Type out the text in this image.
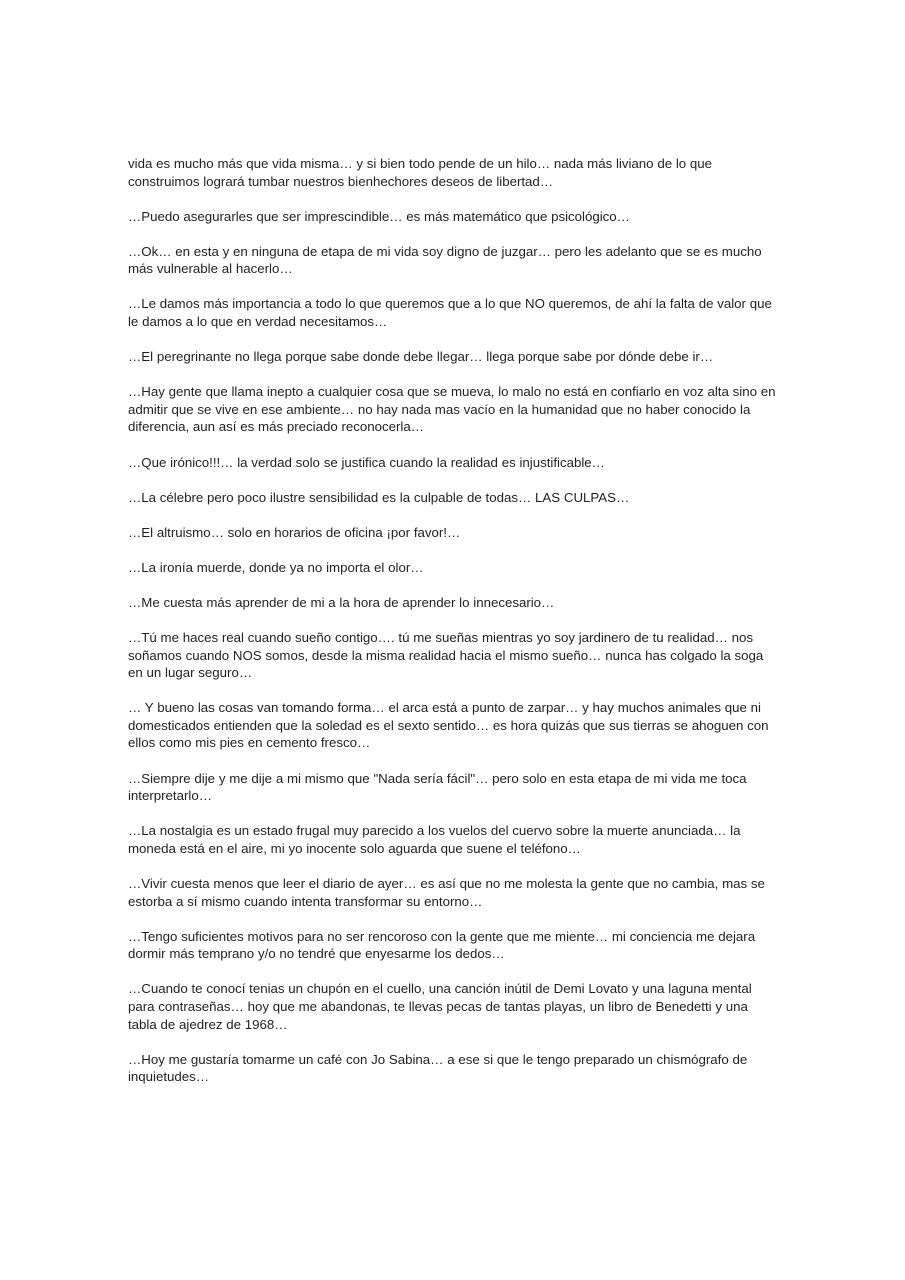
vida es mucho más que vida misma… y si bien todo pende de un hilo… nada más liviano de lo que construimos logrará tumbar nuestros bienhechores deseos de libertad…

…Puedo asegurarles que ser imprescindible… es más matemático que psicológico…

…Ok… en esta y en ninguna de etapa de mi vida soy digno de juzgar… pero les adelanto que se es mucho más vulnerable al hacerlo…

…Le damos más importancia a todo lo que queremos que a lo que NO queremos, de ahí la falta de valor que le damos a lo que en verdad necesitamos…

…El peregrinante no llega porque sabe donde debe llegar… llega porque sabe por dónde debe ir…

…Hay gente que llama inepto a cualquier cosa que se mueva, lo malo no está en confiarlo en voz alta sino en admitir que se vive en ese ambiente… no hay nada mas vacío en la humanidad que no haber conocido la diferencia, aun así es más preciado reconocerla…

…Que irónico!!!… la verdad solo se justifica cuando la realidad es injustificable…

…La célebre pero poco ilustre sensibilidad es la culpable de todas… LAS CULPAS…

…El altruismo… solo en horarios de oficina ¡por favor!…

…La ironía muerde, donde ya no importa el olor…

…Me cuesta más aprender de mi a la hora de aprender lo innecesario…

…Tú me haces real cuando sueño contigo…. tú me sueñas mientras yo soy jardinero de tu realidad… nos soñamos cuando NOS somos, desde la misma realidad hacia el mismo sueño… nunca has colgado la soga en un lugar seguro…

… Y bueno las cosas van tomando forma… el arca está a punto de zarpar… y hay muchos animales que ni domesticados entienden que la soledad es el sexto sentido… es hora quizás que sus tierras se ahoguen con ellos como mis pies en cemento fresco…

…Siempre dije y me dije a mi mismo que "Nada sería fácil"… pero solo en esta etapa de mi vida me toca interpretarlo…

…La nostalgia es un estado frugal muy parecido a los vuelos del cuervo sobre la muerte anunciada… la moneda está en el aire, mi yo inocente solo aguarda que suene el teléfono…

…Vivir cuesta menos que leer el diario de ayer… es así que no me molesta la gente que no cambia, mas se estorba a sí mismo cuando intenta transformar su entorno…

…Tengo suficientes motivos para no ser rencoroso con la gente que me miente… mi conciencia me dejara dormir más temprano y/o no tendré que enyesarme los dedos…

…Cuando te conocí tenias un chupón en el cuello, una canción inútil de Demi Lovato y una laguna mental para contraseñas… hoy que me abandonas, te llevas pecas de tantas playas, un libro de Benedetti y una tabla de ajedrez de 1968…

…Hoy me gustaría tomarme un café con Jo Sabina… a ese si que le tengo preparado un chismógrafo de inquietudes…
